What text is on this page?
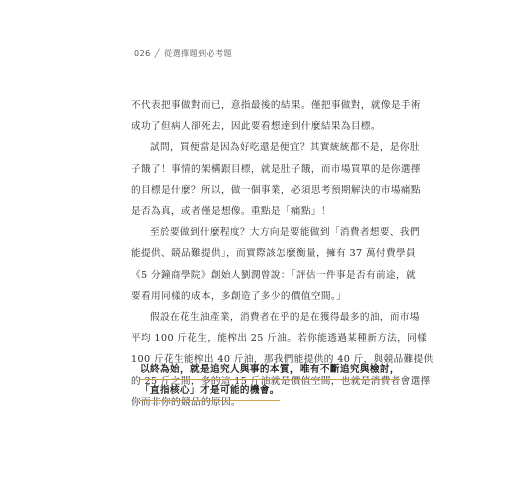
026 ╱ 從選擇題到必考題

不代表把事做對而已，意指最後的結果。僅把事做對，就像是手術
成功了但病人卻死去，因此要看想達到什麼結果為目標。

試問，買便當是因為好吃還是便宜？其實統統都不是，是你肚
子餓了！事情的架構跟目標，就是肚子餓，而市場買單的是你選擇
的目標是什麼？所以，做一個事業，必須思考預期解決的市場痛點
是否為真，或者僅是想像。重點是「痛點」！

至於要做到什麼程度？大方向是要能做到「消費者想要、我們
能提供、競品難提供」，而實際該怎麼衡量，擁有 37 萬付費學員
《5 分鐘商學院》創始人劉潤曾說：「評估一件事是否有前途，就
要看用同樣的成本，多創造了多少的價值空間。」

假設在花生油產業，消費者在乎的是在獲得最多的油，而市場
平均 100 斤花生，能榨出 25 斤油。若你能透過某種新方法，同樣
100 斤花生能榨出 40 斤油，那我們能提供的 40 斤，與競品難提供
的 25 斤之間，多的這 15 斤油就是價值空間，也就是消費者會選擇
你而非你的競品的原因。

以終為始，就是追究人與事的本質，唯有不斷追究與檢討，
「直指核心」才是可能的機會。
